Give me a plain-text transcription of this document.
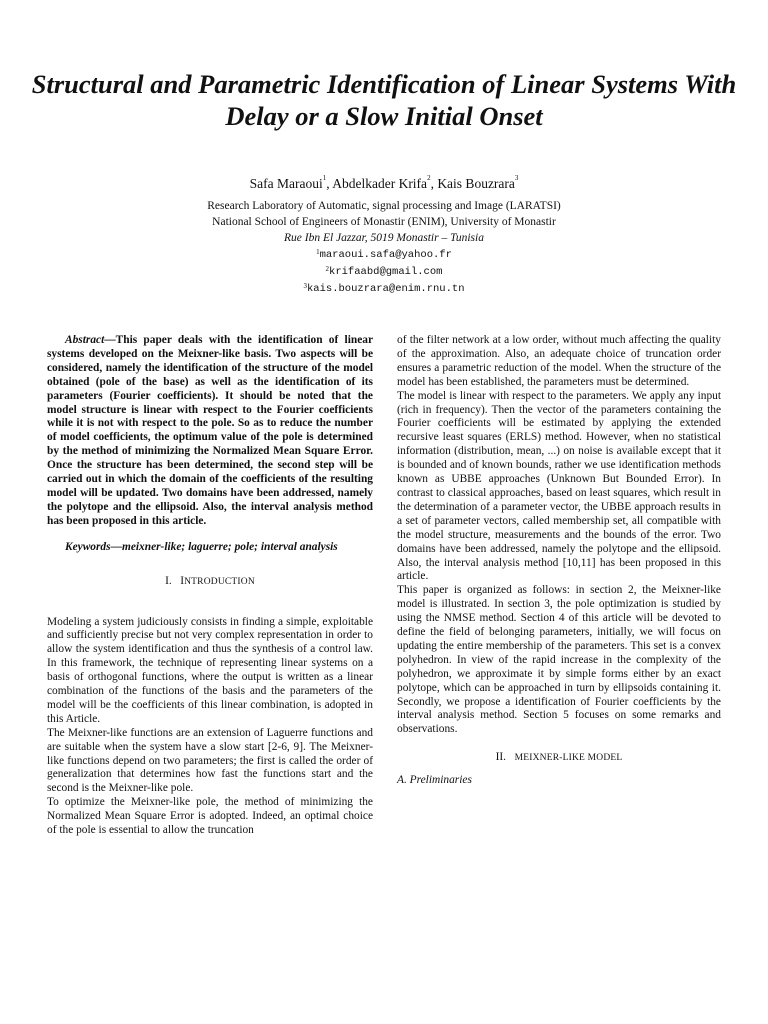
Structural and Parametric Identification of Linear Systems With Delay or a Slow Initial Onset
Safa Maraoui$^1$, Abdelkader Krifa$^2$, Kais Bouzrara$^3$
Research Laboratory of Automatic, signal processing and Image (LARATSI)
National School of Engineers of Monastir (ENIM), University of Monastir
Rue Ibn El Jazzar, 5019 Monastir – Tunisia
$^1$maraoui.safa@yahoo.fr
$^2$krifaabd@gmail.com
$^3$kais.bouzrara@enim.rnu.tn

Abstract—This paper deals with the identification of linear systems developed on the Meixner-like basis. Two aspects will be considered, namely the identification of the structure of the model obtained (pole of the base) as well as the identification of its parameters (Fourier coefficients). It should be noted that the model structure is linear with respect to the Fourier coefficients while it is not with respect to the pole. So as to reduce the number of model coefficients, the optimum value of the pole is determined by the method of minimizing the Normalized Mean Square Error. Once the structure has been determined, the second step will be carried out in which the domain of the coefficients of the resulting model will be updated. Two domains have been addressed, namely the polytope and the ellipsoid. Also, the interval analysis method has been proposed in this article.

Keywords—meixner-like; laguerre; pole; interval analysis

I. INTRODUCTION

Modeling a system judiciously consists in finding a simple, exploitable and sufficiently precise but not very complex representation in order to allow the system identification and thus the synthesis of a control law. In this framework, the technique of representing linear systems on a basis of orthogonal functions, where the output is written as a linear combination of the functions of the basis and the parameters of the model will be the coefficients of this linear combination, is adopted in this Article.

The Meixner-like functions are an extension of Laguerre functions and are suitable when the system have a slow start [2-6, 9]. The Meixner-like functions depend on two parameters; the first is called the order of generalization that determines how fast the functions start and the second is the Meixner-like pole.

To optimize the Meixner-like pole, the method of minimizing the Normalized Mean Square Error is adopted. Indeed, an optimal choice of the pole is essential to allow the truncation

of the filter network at a low order, without much affecting the quality of the approximation. Also, an adequate choice of truncation order ensures a parametric reduction of the model. When the structure of the model has been established, the parameters must be determined.

The model is linear with respect to the parameters. We apply any input (rich in frequency). Then the vector of the parameters containing the Fourier coefficients will be estimated by applying the extended recursive least squares (ERLS) method. However, when no statistical information (distribution, mean, ...) on noise is available except that it is bounded and of known bounds, rather we use identification methods known as UBBE approaches (Unknown But Bounded Error). In contrast to classical approaches, based on least squares, which result in the determination of a parameter vector, the UBBE approach results in a set of parameter vectors, called membership set, all compatible with the model structure, measurements and the bounds of the error. Two domains have been addressed, namely the polytope and the ellipsoid. Also, the interval analysis method [10,11] has been proposed in this article.

This paper is organized as follows: in section 2, the Meixner-like model is illustrated. In section 3, the pole optimization is studied by using the NMSE method. Section 4 of this article will be devoted to define the field of belonging parameters, initially, we will focus on updating the entire membership of the parameters. This set is a convex polyhedron. In view of the rapid increase in the complexity of the polyhedron, we approximate it by simple forms either by an exact polytope, which can be approached in turn by ellipsoids containing it. Secondly, we propose a identification of Fourier coefficients by the interval analysis method. Section 5 focuses on some remarks and observations.

II. MEIXNER-LIKE MODEL

A. Preliminaries
